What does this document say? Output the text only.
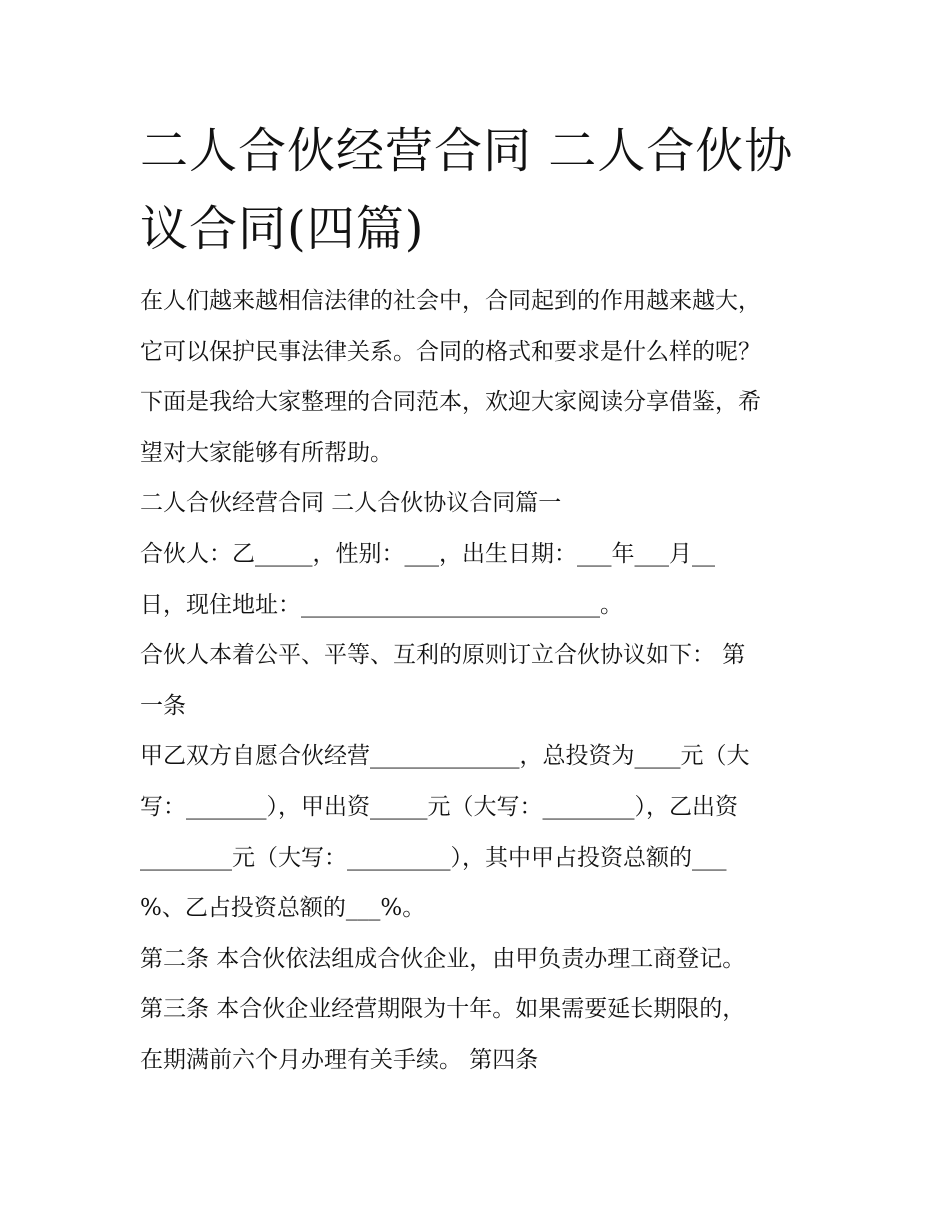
二人合伙经营合同 二人合伙协
议合同(四篇)
在人们越来越相信法律的社会中，合同起到的作用越来越大，
它可以保护民事法律关系。合同的格式和要求是什么样的呢？
下面是我给大家整理的合同范本，欢迎大家阅读分享借鉴，希
望对大家能够有所帮助。
二人合伙经营合同 二人合伙协议合同篇一
合伙人：乙_____，性别：___，出生日期：___年___月__
日，现住地址：__________________________。
合伙人本着公平、平等、互利的原则订立合伙协议如下： 第
一条
甲乙双方自愿合伙经营_____________，总投资为____元（大
写：_______），甲出资_____元（大写：________），乙出资
________元（大写：_________），其中甲占投资总额的___
%、乙占投资总额的___%。
第二条 本合伙依法组成合伙企业，由甲负责办理工商登记。
第三条 本合伙企业经营期限为十年。如果需要延长期限的，
在期满前六个月办理有关手续。 第四条
